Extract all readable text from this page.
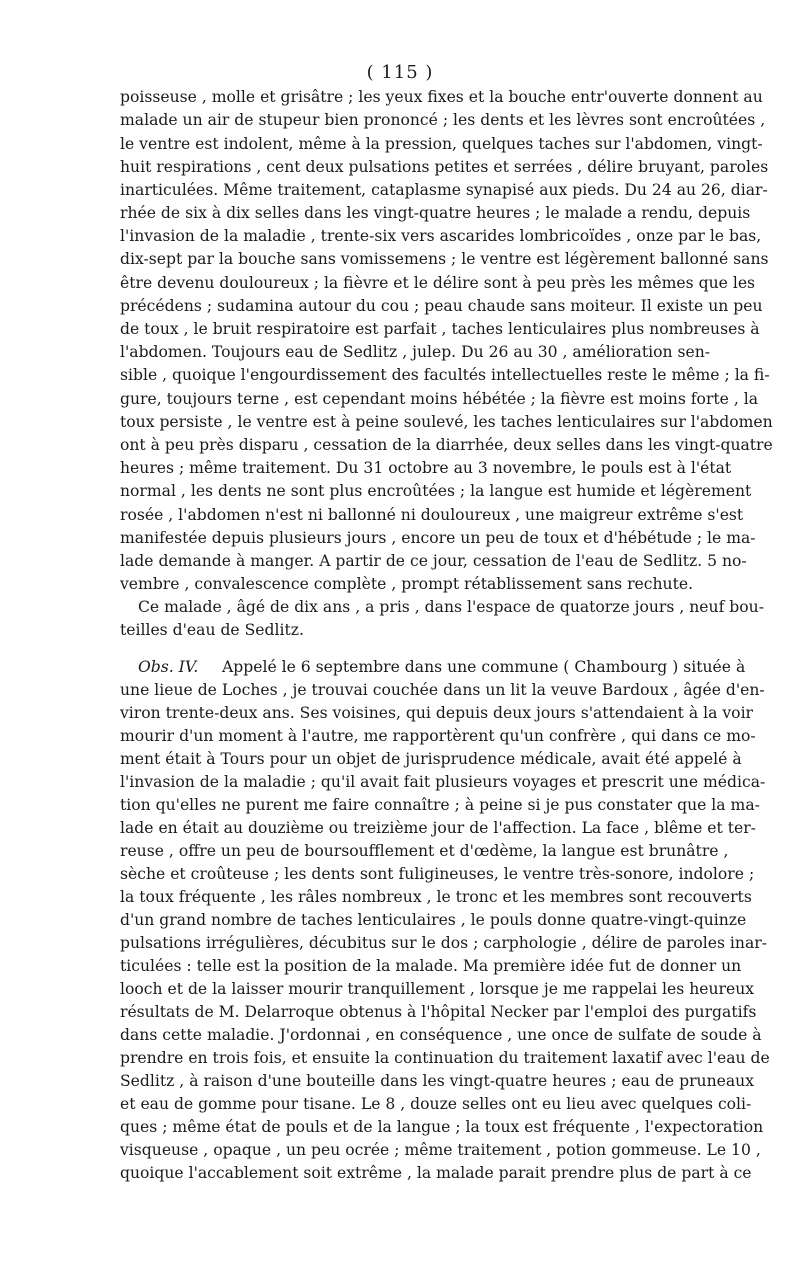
( 115 )

poisseuse , molle et grisâtre ; les yeux fixes et la bouche entr'ouverte donnent au

malade un air de stupeur bien prononcé ; les dents et les lèvres sont encroûtées ,

le ventre est indolent, même à la pression, quelques taches sur l'abdomen, vingt-

huit respirations , cent deux pulsations petites et serrées , délire bruyant, paroles

inarticulées. Même traitement, cataplasme synapisé aux pieds. Du 24 au 26, diar-

rhée de six à dix selles dans les vingt-quatre heures ; le malade a rendu, depuis

l'invasion de la maladie , trente-six vers ascarides lombricoïdes , onze par le bas,

dix-sept par la bouche sans vomissemens ; le ventre est légèrement ballonné sans

être devenu douloureux ; la fièvre et le délire sont à peu près les mêmes que les

précédens ; sudamina autour du cou ; peau chaude sans moiteur. Il existe un peu

de toux , le bruit respiratoire est parfait , taches lenticulaires plus nombreuses à

l'abdomen. Toujours eau de Sedlitz , julep. Du 26 au 30 , amélioration sen-

sible , quoique l'engourdissement des facultés intellectuelles reste le même ; la fi-

gure, toujours terne , est cependant moins hébétée ; la fièvre est moins forte , la

toux persiste , le ventre est à peine soulevé, les taches lenticulaires sur l'abdomen

ont à peu près disparu , cessation de la diarrhée, deux selles dans les vingt-quatre

heures ; même traitement. Du 31 octobre au 3 novembre, le pouls est à l'état

normal , les dents ne sont plus encroûtées ; la langue est humide et légèrement

rosée , l'abdomen n'est ni ballonné ni douloureux , une maigreur extrême s'est

manifestée depuis plusieurs jours , encore un peu de toux et d'hébétude ; le ma-

lade demande à manger. A partir de ce jour, cessation de l'eau de Sedlitz. 5 no-

vembre , convalescence complète , prompt rétablissement sans rechute.

Ce malade , âgé de dix ans , a pris , dans l'espace de quatorze jours , neuf bou-

teilles d'eau de Sedlitz.

Obs. IV. Appelé le 6 septembre dans une commune ( Chambourg ) située à

une lieue de Loches , je trouvai couchée dans un lit la veuve Bardoux , âgée d'en-

viron trente-deux ans. Ses voisines, qui depuis deux jours s'attendaient à la voir

mourir d'un moment à l'autre, me rapportèrent qu'un confrère , qui dans ce mo-

ment était à Tours pour un objet de jurisprudence médicale, avait été appelé à

l'invasion de la maladie ; qu'il avait fait plusieurs voyages et prescrit une médica-

tion qu'elles ne purent me faire connaître ; à peine si je pus constater que la ma-

lade en était au douzième ou treizième jour de l'affection. La face , blême et ter-

reuse , offre un peu de boursoufflement et d'œdème, la langue est brunâtre ,

sèche et croûteuse ; les dents sont fuligineuses, le ventre très-sonore, indolore ;

la toux fréquente , les râles nombreux , le tronc et les membres sont recouverts

d'un grand nombre de taches lenticulaires , le pouls donne quatre-vingt-quinze

pulsations irrégulières, décubitus sur le dos ; carphologie , délire de paroles inar-

ticulées : telle est la position de la malade. Ma première idée fut de donner un

looch et de la laisser mourir tranquillement , lorsque je me rappelai les heureux

résultats de M. Delarroque obtenus à l'hôpital Necker par l'emploi des purgatifs

dans cette maladie. J'ordonnai , en conséquence , une once de sulfate de soude à

prendre en trois fois, et ensuite la continuation du traitement laxatif avec l'eau de

Sedlitz , à raison d'une bouteille dans les vingt-quatre heures ; eau de pruneaux

et eau de gomme pour tisane. Le 8 , douze selles ont eu lieu avec quelques coli-

ques ; même état de pouls et de la langue ; la toux est fréquente , l'expectoration

visqueuse , opaque , un peu ocrée ; même traitement , potion gommeuse. Le 10 ,

quoique l'accablement soit extrême , la malade parait prendre plus de part à ce
